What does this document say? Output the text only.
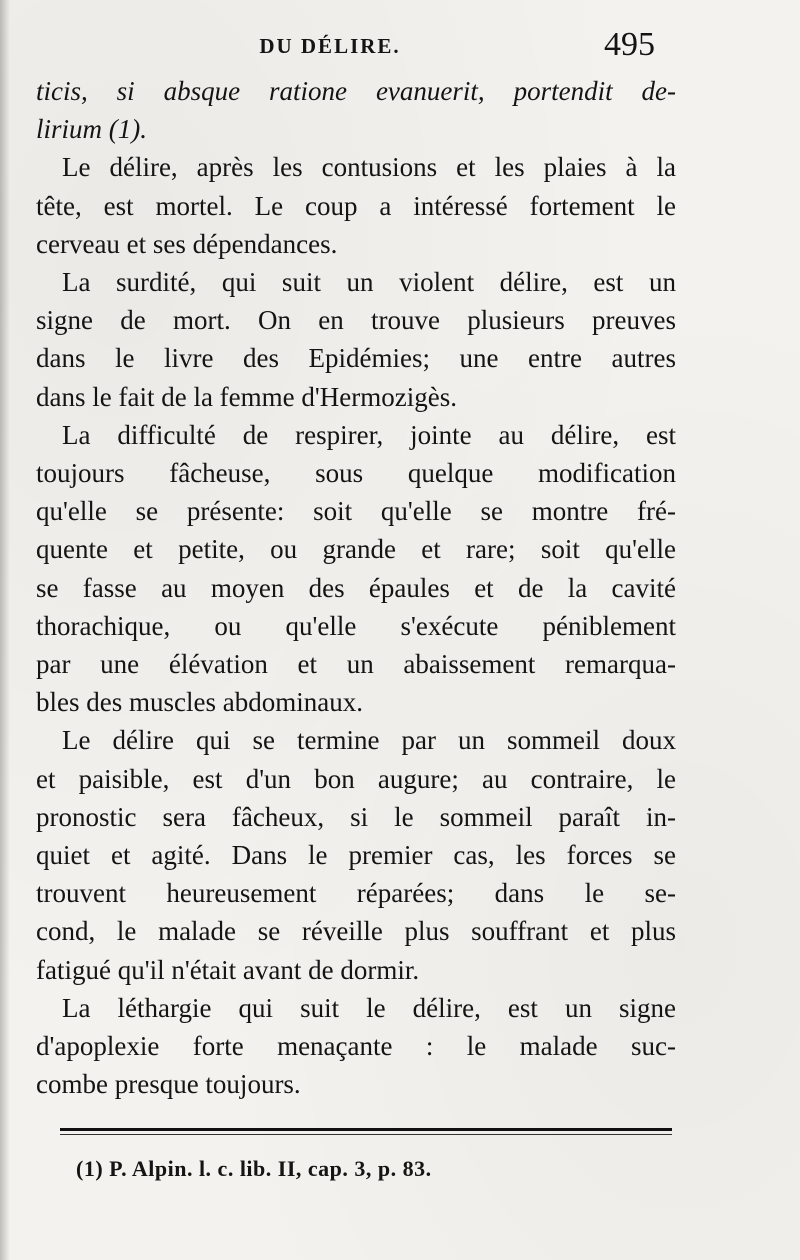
DU DÉLIRE.	495
ticis, si absque ratione evanuerit, portendit de-
lirium (1).
Le délire, après les contusions et les plaies à la
tête, est mortel. Le coup a intéressé fortement le
cerveau et ses dépendances.
La surdité, qui suit un violent délire, est un
signe de mort. On en trouve plusieurs preuves
dans le livre des Epidémies; une entre autres
dans le fait de la femme d'Hermozigès.
La difficulté de respirer, jointe au délire, est
toujours fâcheuse, sous quelque modification
qu'elle se présente: soit qu'elle se montre fré-
quente et petite, ou grande et rare; soit qu'elle
se fasse au moyen des épaules et de la cavité
thorachique, ou qu'elle s'exécute péniblement
par une élévation et un abaissement remarqua-
bles des muscles abdominaux.
Le délire qui se termine par un sommeil doux
et paisible, est d'un bon augure; au contraire, le
pronostic sera fâcheux, si le sommeil paraît in-
quiet et agité. Dans le premier cas, les forces se
trouvent heureusement réparées; dans le se-
cond, le malade se réveille plus souffrant et plus
fatigué qu'il n'était avant de dormir.
La léthargie qui suit le délire, est un signe
d'apoplexie forte menaçante : le malade suc-
combe presque toujours.
(1) P. Alpin. l. c. lib. II, cap. 3, p. 83.
